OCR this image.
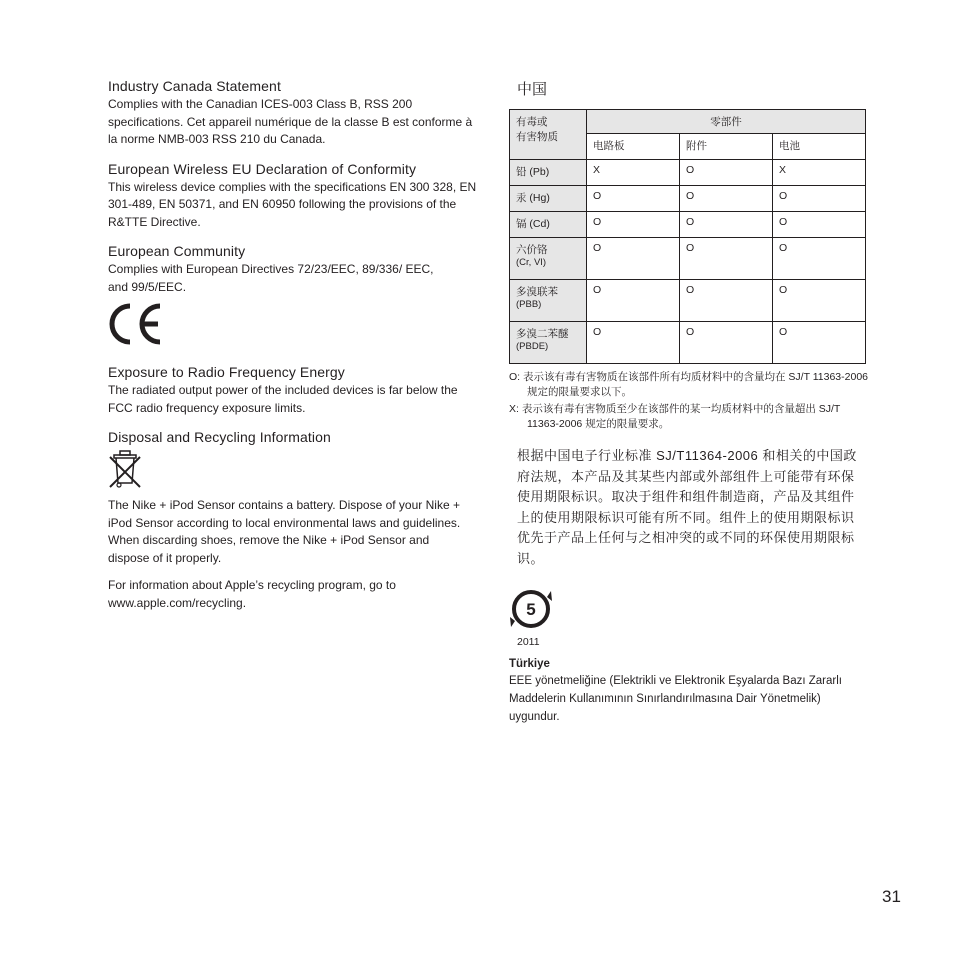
Industry Canada Statement

Complies with the Canadian ICES-003 Class B, RSS 200 specifications. Cet appareil numérique de la classe B est conforme à la norme NMB-003 RSS 210 du Canada.

European Wireless EU Declaration of Conformity

This wireless device complies with the specifications EN 300 328, EN 301-489, EN 50371, and EN 60950 following the provisions of the R&TTE Directive.

European Community

Complies with European Directives 72/23/EEC, 89/336/ EEC, and 99/5/EEC.

Exposure to Radio Frequency Energy

The radiated output power of the included devices is far below the FCC radio frequency exposure limits.

Disposal and Recycling Information

The Nike + iPod Sensor contains a battery. Dispose of your Nike + iPod Sensor according to local environmental laws and guidelines. When discarding shoes, remove the Nike + iPod Sensor and dispose of it properly.

For information about Apple’s recycling program, go to www.apple.com/recycling.

中国
有毒或
有害物质	零部件		
	电路板	附件	电池
铅 (Pb)	X	O	X
汞 (Hg)	O	O	O
镉 (Cd)	O	O	O

六价铬
(Cr, VI)	O	O	O

多溴联苯
(PBB)	O	O	O

多溴二苯醚
(PBDE)	O	O	O
O: 表示该有毒有害物质在该部件所有均质材料中的含量均在 SJ/T 11363-2006 规定的限量要求以下。
X: 表示该有毒有害物质至少在该部件的某一均质材料中的含量超出 SJ/T 11363-2006 规定的限量要求。
根据中国电子行业标准 SJ/T11364-2006 和相关的中国政府法规，本产品及其某些内部或外部组件上可能带有环保使用期限标识。取决于组件和组件制造商，产品及其组件上的使用期限标识可能有所不同。组件上的使用期限标识优先于产品上任何与之相冲突的或不同的环保使用期限标识。
5
2011
Türkiye
EEE yönetmeliğine (Elektrikli ve Elektronik Eşyalarda Bazı Zararlı Maddelerin Kullanımının Sınırlandırılmasına Dair Yönetmelik) uygundur.
31
